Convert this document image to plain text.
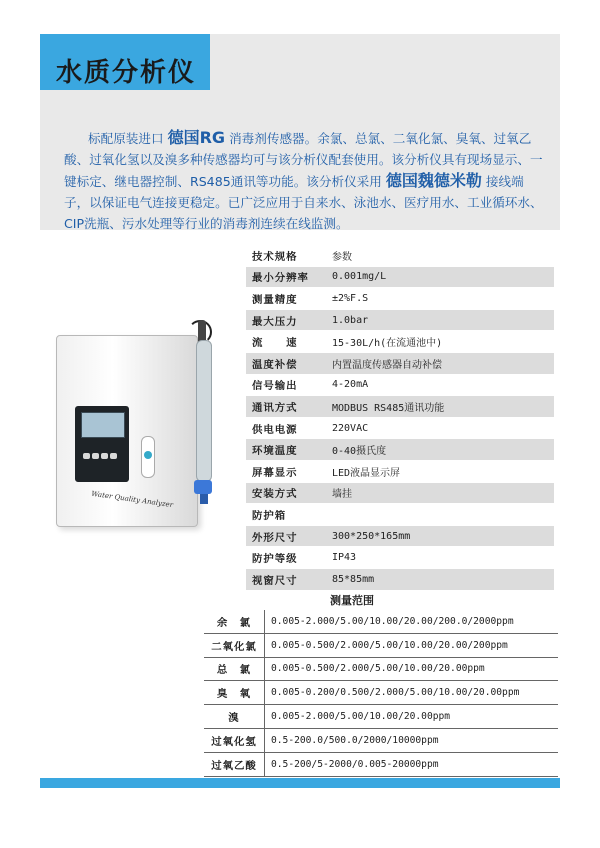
水质分析仪
标配原装进口 德国RG 消毒剂传感器。余氯、总氯、二氧化氯、臭氧、过氧乙酸、过氧化氢以及溴多种传感器均可与该分析仪配套使用。该分析仪具有现场显示、一键标定、继电器控制、RS485通讯等功能。该分析仪采用 德国魏德米勒 接线端子，以保证电气连接更稳定。已广泛应用于自来水、泳池水、医疗用水、工业循环水、CIP洗瓶、污水处理等行业的消毒剂连续在线监测。
Water Quality Analyzer
技术规格	参数
最小分辨率	0.001mg/L
测量精度	±2%F.S
最大压力	1.0bar
流　　速	15-30L/h(在流通池中)
温度补偿	内置温度传感器自动补偿
信号输出	4-20mA
通讯方式	MODBUS RS485通讯功能
供电电源	220VAC
环境温度	0-40摄氏度
屏幕显示	LED液晶显示屏
安装方式	墙挂
防护箱	
外形尺寸	300*250*165mm
防护等级	IP43
视窗尺寸	85*85mm
测量范围
余　氯	0.005-2.000/5.00/10.00/20.00/200.0/2000ppm
二氧化氯	0.005-0.500/2.000/5.00/10.00/20.00/200ppm
总　氯	0.005-0.500/2.000/5.00/10.00/20.00ppm
臭　氧	0.005-0.200/0.500/2.000/5.00/10.00/20.00ppm
溴	0.005-2.000/5.00/10.00/20.00ppm
过氧化氢	0.5-200.0/500.0/2000/10000ppm
过氧乙酸	0.5-200/5-2000/0.005-20000ppm
